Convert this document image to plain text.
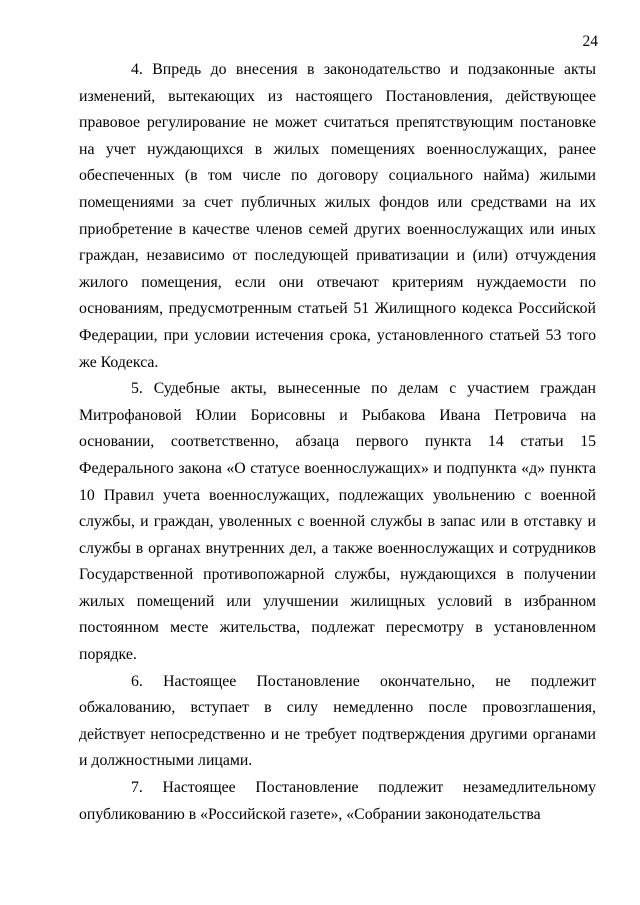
24

4. Впредь до внесения в законодательство и подзаконные акты изменений, вытекающих из настоящего Постановления, действующее правовое регулирование не может считаться препятствующим постановке на учет нуждающихся в жилых помещениях военнослужащих, ранее обеспеченных (в том числе по договору социального найма) жилыми помещениями за счет публичных жилых фондов или средствами на их приобретение в качестве членов семей других военнослужащих или иных граждан, независимо от последующей приватизации и (или) отчуждения жилого помещения, если они отвечают критериям нуждаемости по основаниям, предусмотренным статьей 51 Жилищного кодекса Российской Федерации, при условии истечения срока, установленного статьей 53 того же Кодекса.

5. Судебные акты, вынесенные по делам с участием граждан Митрофановой Юлии Борисовны и Рыбакова Ивана Петровича на основании, соответственно, абзаца первого пункта 14 статьи 15 Федерального закона «О статусе военнослужащих» и подпункта «д» пункта 10 Правил учета военнослужащих, подлежащих увольнению с военной службы, и граждан, уволенных с военной службы в запас или в отставку и службы в органах внутренних дел, а также военнослужащих и сотрудников Государственной противопожарной службы, нуждающихся в получении жилых помещений или улучшении жилищных условий в избранном постоянном месте жительства, подлежат пересмотру в установленном порядке.

6. Настоящее Постановление окончательно, не подлежит обжалованию, вступает в силу немедленно после провозглашения, действует непосредственно и не требует подтверждения другими органами и должностными лицами.

7. Настоящее Постановление подлежит незамедлительному опубликованию в «Российской газете», «Собрании законодательства
